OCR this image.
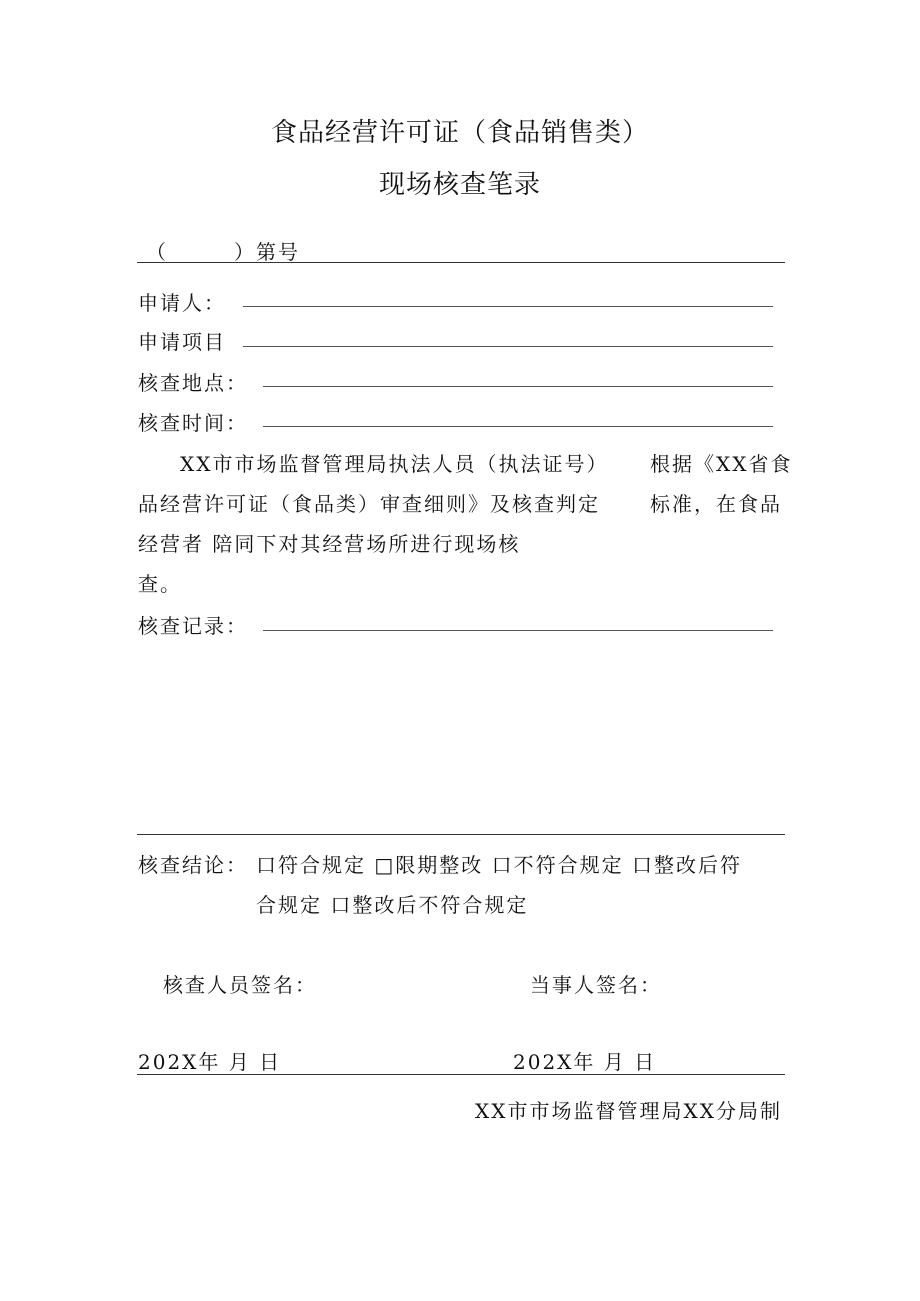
食品经营许可证（食品销售类）
现场核查笔录
（　　　）第号
申请人：
申请项目
核查地点：
核查时间：
XX市市场监督管理局执法人员（执法证号） 根据《XX省食
品经营许可证（食品类）审查细则》及核查判定	标准，在食品
经营者 陪同下对其经营场所进行现场核
查。
核查记录：
核查结论： 口符合规定 □限期整改 口不符合规定 口整改后符
合规定 口整改后不符合规定
核查人员签名：	当事人签名：
202X年 月 日	202X年 月 日
XX市市场监督管理局XX分局制
